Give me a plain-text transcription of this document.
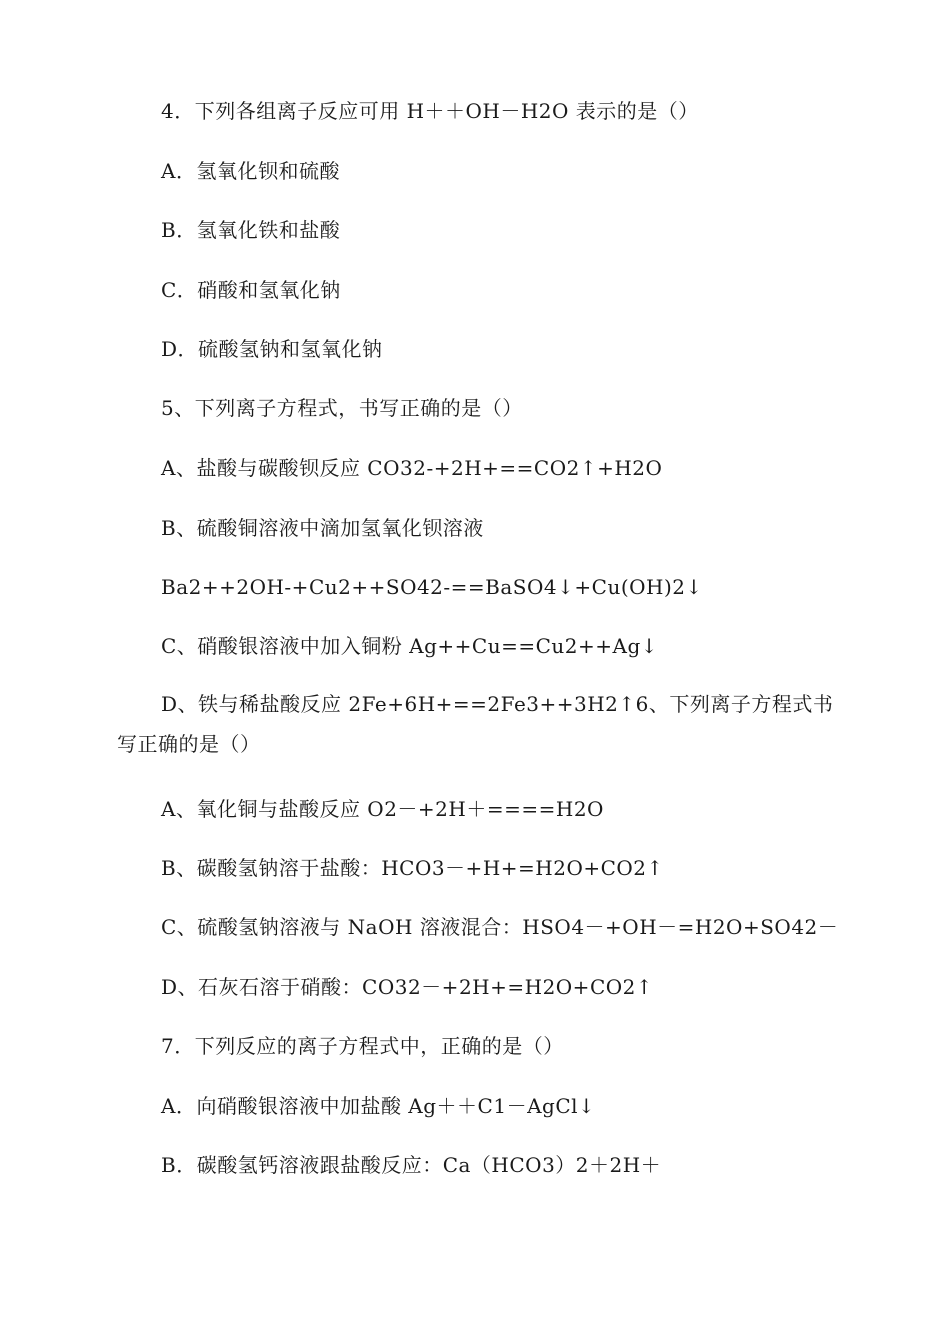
4．下列各组离子反应可用 H＋＋OH－H2O 表示的是（）
A．氢氧化钡和硫酸
B．氢氧化铁和盐酸
C．硝酸和氢氧化钠
D．硫酸氢钠和氢氧化钠
5、下列离子方程式，书写正确的是（）
A、盐酸与碳酸钡反应 CO32-+2H+==CO2↑+H2O
B、硫酸铜溶液中滴加氢氧化钡溶液
Ba2++2OH-+Cu2++SO42-==BaSO4↓+Cu(OH)2↓
C、硝酸银溶液中加入铜粉 Ag++Cu==Cu2++Ag↓
D、铁与稀盐酸反应 2Fe+6H+==2Fe3++3H2↑6、下列离子方程式书写正确的是（）
A、氧化铜与盐酸反应 O2－+2H＋====H2O
B、碳酸氢钠溶于盐酸：HCO3－+H+=H2O+CO2↑
C、硫酸氢钠溶液与 NaOH 溶液混合：HSO4－+OH－=H2O+SO42－
D、石灰石溶于硝酸：CO32－+2H+=H2O+CO2↑
7．下列反应的离子方程式中，正确的是（）
A．向硝酸银溶液中加盐酸 Ag＋＋C1－AgCl↓
B．碳酸氢钙溶液跟盐酸反应：Ca（HCO3）2＋2H＋
